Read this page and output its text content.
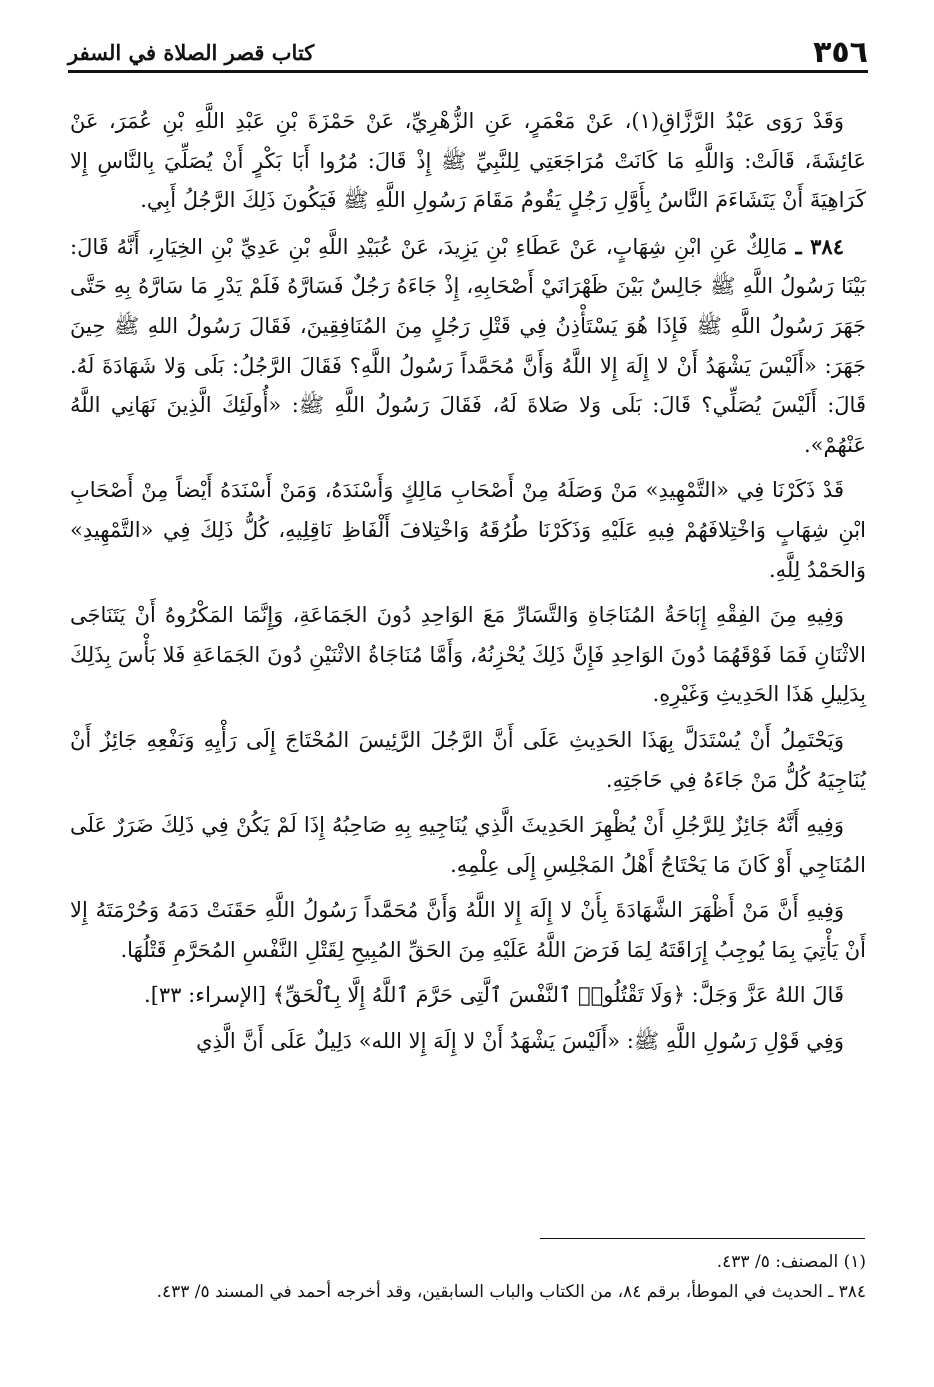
٣٥٦
كتاب قصر الصلاة في السفر

وَقَدْ رَوَى عَبْدُ الرَّزَّاقِ(١)، عَنْ مَعْمَرٍ، عَنِ الزُّهْرِيِّ، عَنْ حَمْزَةَ بْنِ عَبْدِ اللَّهِ بْنِ عُمَرَ، عَنْ عَائِشَةَ، قَالَتْ: وَاللَّهِ مَا كَانَتْ مُرَاجَعَتِي لِلنَّبِيِّ ﷺ إِذْ قَالَ: مُرُوا أَبَا بَكْرٍ أَنْ يُصَلِّيَ بِالنَّاسِ إِلا كَرَاهِيَةَ أَنْ يَتَشَاءَمَ النَّاسُ بِأَوَّلِ رَجُلٍ يَقُومُ مَقَامَ رَسُولِ اللَّهِ ﷺ فَيَكُونَ ذَلِكَ الرَّجُلُ أَبِي.

٣٨٤ ـ مَالِكٌ عَنِ ابْنِ شِهَابٍ، عَنْ عَطَاءِ بْنِ يَزِيدَ، عَنْ عُبَيْدِ اللَّهِ بْنِ عَدِيِّ بْنِ الخِيَارِ، أَنَّهُ قَالَ: بَيْنَا رَسُولُ اللَّهِ ﷺ جَالِسٌ بَيْنَ ظَهْرَانَيْ أَصْحَابِهِ، إِذْ جَاءَهُ رَجُلٌ فَسَارَّهُ فَلَمْ يَدْرِ مَا سَارَّهُ بِهِ حَتَّى جَهَرَ رَسُولُ اللَّهِ ﷺ فَإِذَا هُوَ يَسْتَأْذِنُ فِي قَتْلِ رَجُلٍ مِنَ المُنَافِقِينَ، فَقَالَ رَسُولُ اللهِ ﷺ حِينَ جَهَرَ: «أَلَيْسَ يَشْهَدُ أَنْ لا إِلَهَ إِلا اللَّهُ وَأَنَّ مُحَمَّداً رَسُولُ اللَّهِ؟ فَقَالَ الرَّجُلُ: بَلَى وَلا شَهَادَةَ لَهُ. قَالَ: أَلَيْسَ يُصَلِّي؟ قَالَ: بَلَى وَلا صَلاةَ لَهُ، فَقَالَ رَسُولُ اللَّهِ ﷺ: «أُولَئِكَ الَّذِينَ نَهَانِي اللَّهُ عَنْهُمْ».

قَدْ ذَكَرْنَا فِي «التَّمْهِيدِ» مَنْ وَصَلَهُ مِنْ أَصْحَابِ مَالِكٍ وَأَسْنَدَهُ، وَمَنْ أَسْنَدَهُ أَيْضاً مِنْ أَصْحَابِ ابْنِ شِهَابٍ وَاخْتِلافَهُمْ فِيهِ عَلَيْهِ وَذَكَرْنَا طُرُقَهُ وَاخْتِلافَ أَلْفَاظِ نَاقِلِيهِ، كُلُّ ذَلِكَ فِي «التَّمْهِيدِ» وَالحَمْدُ لِلَّهِ.

وَفِيهِ مِنَ الفِقْهِ إِبَاحَةُ المُنَاجَاةِ وَالتَّسَارِّ مَعَ الوَاحِدِ دُونَ الجَمَاعَةِ، وَإِنَّمَا المَكْرُوهُ أَنْ يَتَنَاجَى الاثْنَانِ فَمَا فَوْقَهُمَا دُونَ الوَاحِدِ فَإِنَّ ذَلِكَ يُحْزِنُهُ، وَأَمَّا مُنَاجَاةُ الاثْنَيْنِ دُونَ الجَمَاعَةِ فَلا بَأْسَ بِذَلِكَ بِدَلِيلِ هَذَا الحَدِيثِ وَغَيْرِهِ.

وَيَحْتَمِلُ أَنْ يُسْتَدَلَّ بِهَذَا الحَدِيثِ عَلَى أَنَّ الرَّجُلَ الرَّئِيسَ المُحْتَاجَ إِلَى رَأْيِهِ وَنَفْعِهِ جَائِزٌ أَنْ يُنَاجِيَهُ كُلُّ مَنْ جَاءَهُ فِي حَاجَتِهِ.

وَفِيهِ أَنَّهُ جَائِزٌ لِلرَّجُلِ أَنْ يُظْهِرَ الحَدِيثَ الَّذِي يُنَاجِيهِ بِهِ صَاحِبُهُ إِذَا لَمْ يَكُنْ فِي ذَلِكَ ضَرَرٌ عَلَى المُنَاجِي أَوْ كَانَ مَا يَحْتَاجُ أَهْلُ المَجْلِسِ إِلَى عِلْمِهِ.

وَفِيهِ أَنَّ مَنْ أَظْهَرَ الشَّهَادَةَ بِأَنْ لا إِلَهَ إِلا اللَّهُ وَأَنَّ مُحَمَّداً رَسُولُ اللَّهِ حَقَنَتْ دَمَهُ وَحُرْمَتَهُ إِلا أَنْ يَأْتِيَ بِمَا يُوجِبُ إِرَاقَتَهُ لِمَا فَرَضَ اللَّهُ عَلَيْهِ مِنَ الحَقِّ المُبِيحِ لِقَتْلِ النَّفْسِ المُحَرَّمِ قَتْلُهَا.

قَالَ اللهُ عَزَّ وَجَلَّ: ﴿وَلَا تَقْتُلُوا۟ ٱلنَّفْسَ ٱلَّتِى حَرَّمَ ٱللَّهُ إِلَّا بِٱلْحَقِّ﴾ [الإسراء: ٣٣].

وَفِي قَوْلِ رَسُولِ اللَّهِ ﷺ: «أَلَيْسَ يَشْهَدُ أَنْ لا إِلَهَ إِلا الله» دَلِيلٌ عَلَى أَنَّ الَّذِي

(١) المصنف: ٥/ ٤٣٣.

٣٨٤ ـ الحديث في الموطأ، برقم ٨٤، من الكتاب والباب السابقين، وقد أخرجه أحمد في المسند ٥/ ٤٣٣.
